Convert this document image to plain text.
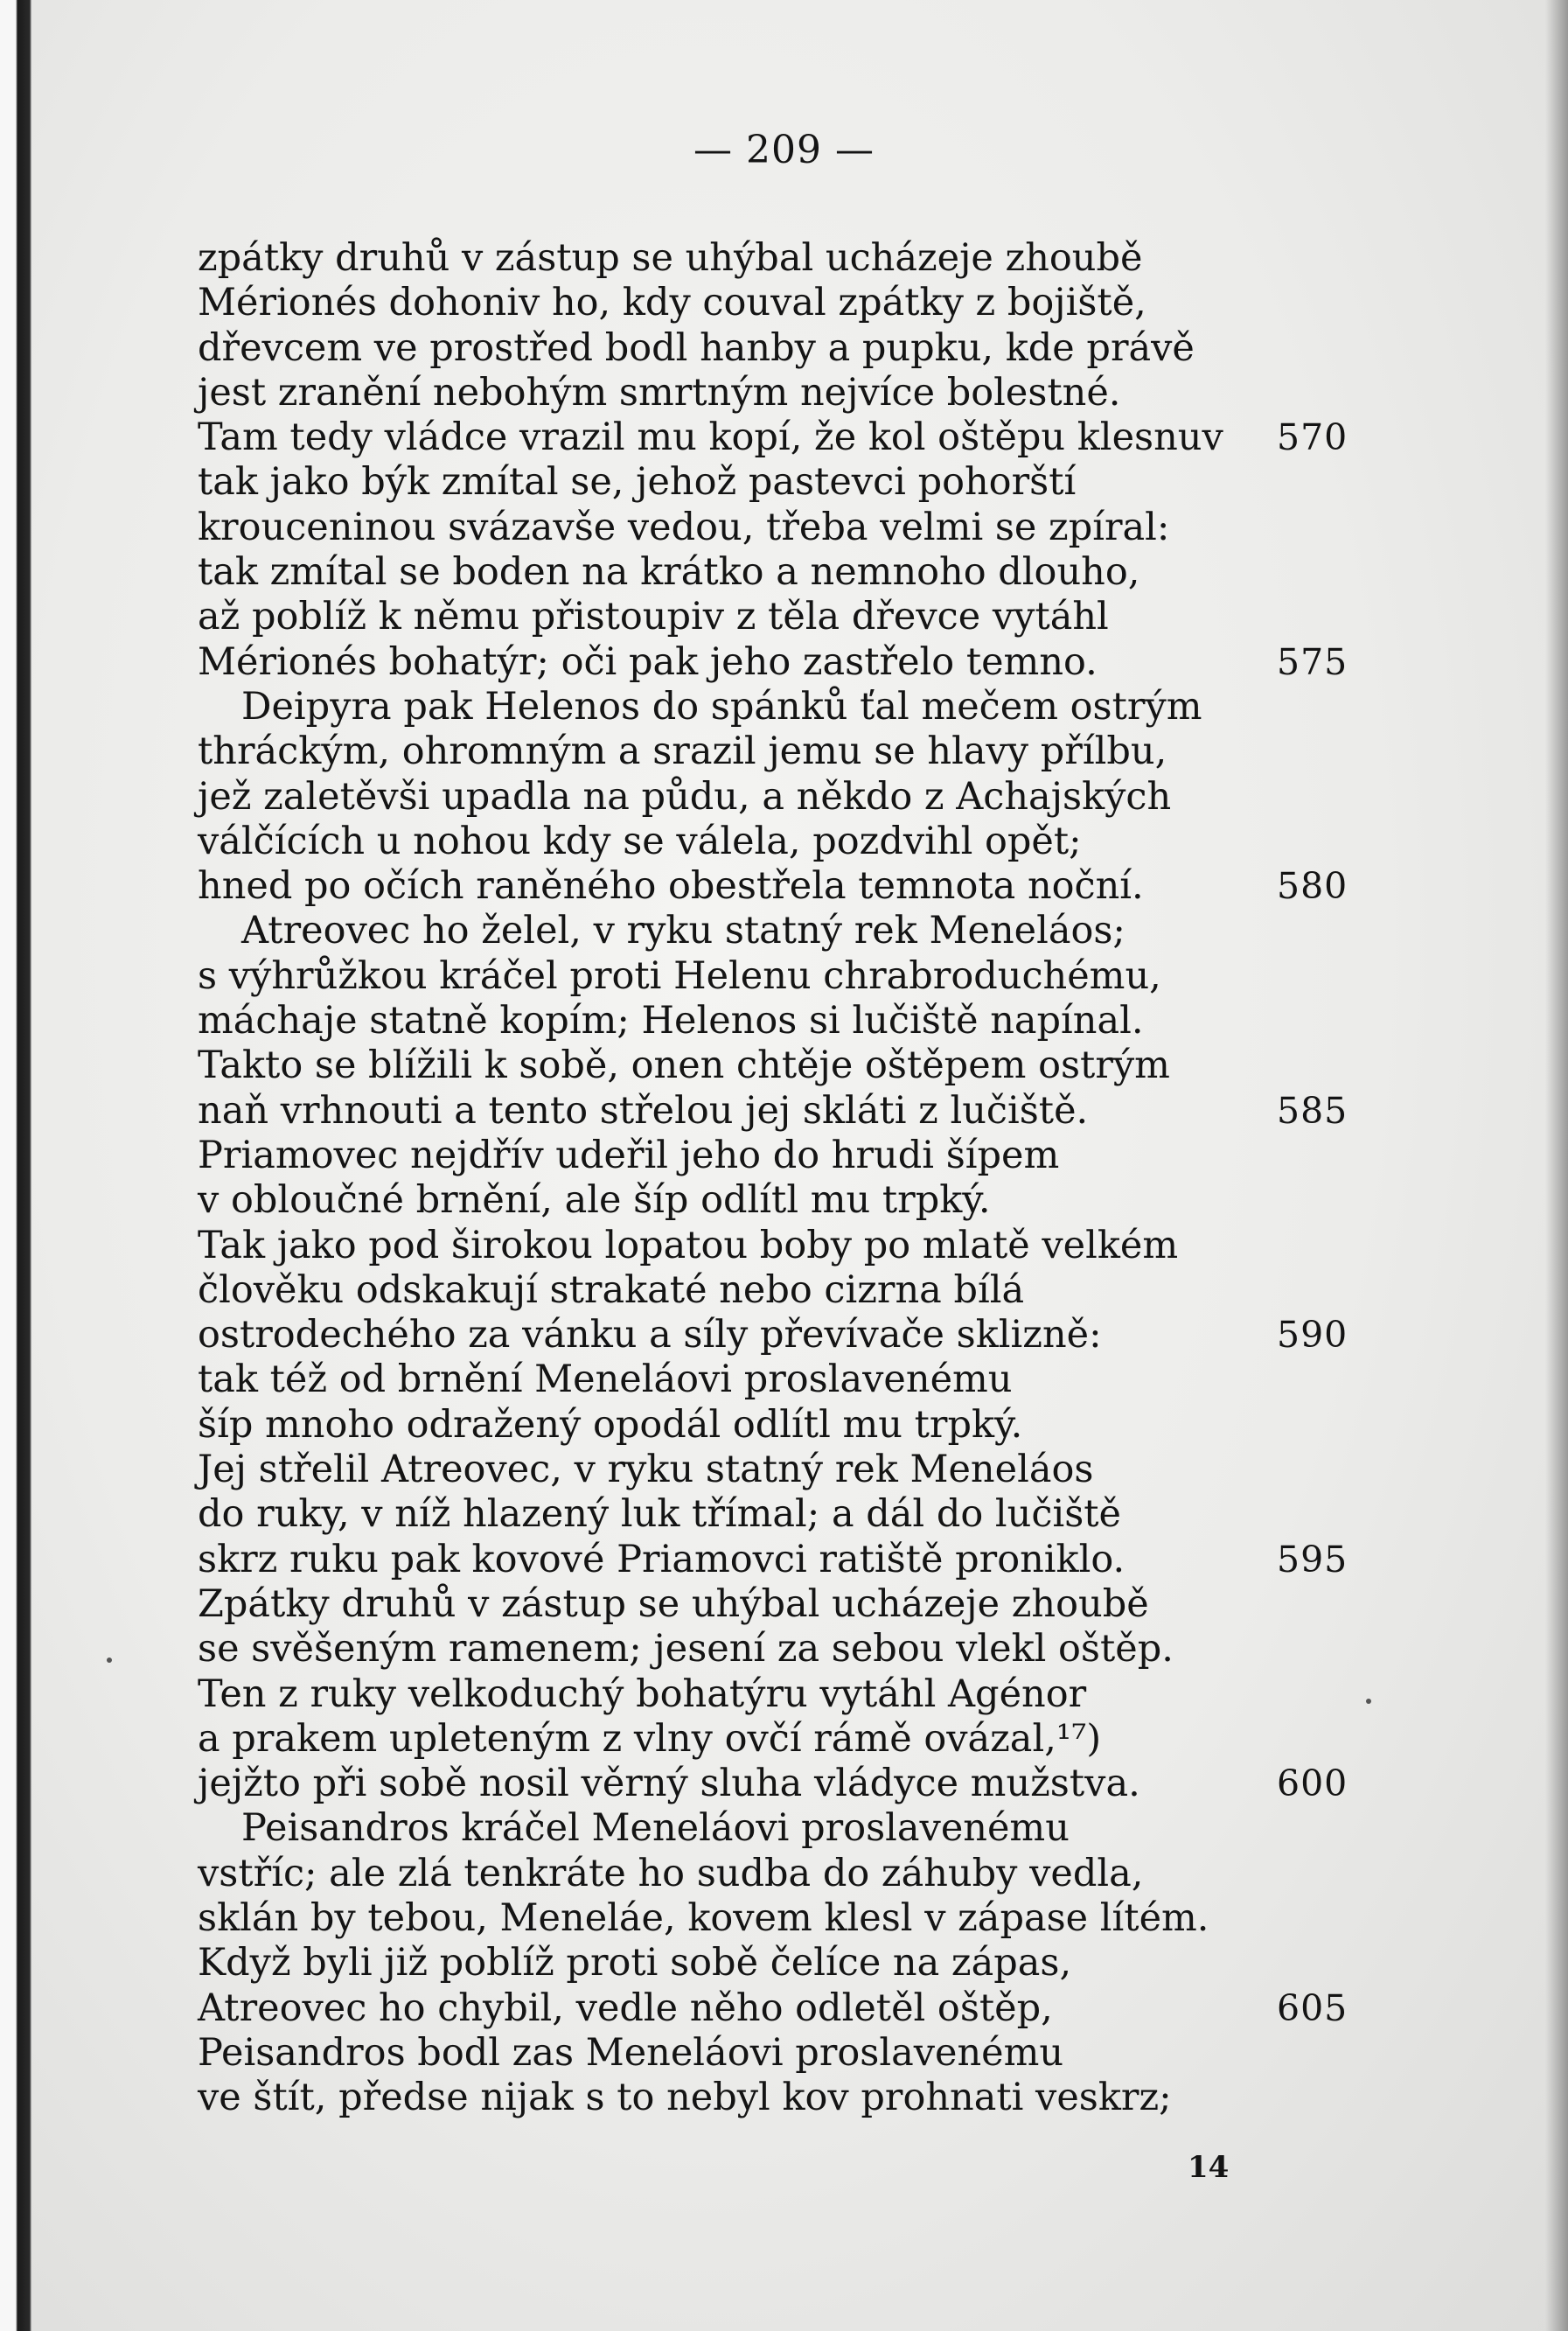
— 209 —
zpátky druhů v zástup se uhýbal ucházeje zhoubě
Mérionés dohoniv ho, kdy couval zpátky z bojiště,
dřevcem ve prostřed bodl hanby a pupku, kde právě
jest zranění nebohým smrtným nejvíce bolestné.
Tam tedy vládce vrazil mu kopí, že kol oštěpu klesnuv 570
tak jako býk zmítal se, jehož pastevci pohorští
krouceninou svázavše vedou, třeba velmi se zpíral:
tak zmítal se boden na krátko a nemnoho dlouho,
až poblíž k němu přistoupiv z těla dřevce vytáhl
Mérionés bohatýr; oči pak jeho zastřelo temno.	575
Deipyra pak Helenos do spánků ťal mečem ostrým
thráckým, ohromným a srazil jemu se hlavy přílbu,
jež zaletěvši upadla na půdu, a někdo z Achajských
válčících u nohou kdy se válela, pozdvihl opět;
hned po očích raněného obestřela temnota noční.	580
Atreovec ho želel, v ryku statný rek Meneláos;
s výhrůžkou kráčel proti Helenu chrabroduchému,
máchaje statně kopím; Helenos si lučiště napínal.
Takto se blížili k sobě, onen chtěje oštěpem ostrým
naň vrhnouti a tento střelou jej skláti z lučiště.	585
Priamovec nejdřív udeřil jeho do hrudi šípem
v obloučné brnění, ale šíp odlítl mu trpký.
Tak jako pod širokou lopatou boby po mlatě velkém
člověku odskakují strakaté nebo cizrna bílá
ostrodechého za vánku a síly převívače sklizně:	590
tak též od brnění Meneláovi proslavenému
šíp mnoho odražený opodál odlítl mu trpký.
Jej střelil Atreovec, v ryku statný rek Meneláos
do ruky, v níž hlazený luk třímal; a dál do lučiště
skrz ruku pak kovové Priamovci ratiště proniklo.	595
Zpátky druhů v zástup se uhýbal ucházeje zhoubě
se svěšeným ramenem; jesení za sebou vlekl oštěp.
Ten z ruky velkoduchý bohatýru vytáhl Agénor
a prakem upleteným z vlny ovčí rámě ovázal,¹⁷)
jejžto při sobě nosil věrný sluha vládyce mužstva.	600
Peisandros kráčel Meneláovi proslavenému
vstříc; ale zlá tenkráte ho sudba do záhuby vedla,
sklán by tebou, Meneláe, kovem klesl v zápase lítém.
Když byli již poblíž proti sobě čelíce na zápas,
Atreovec ho chybil, vedle něho odletěl oštěp,	605
Peisandros bodl zas Meneláovi proslavenému
ve štít, předse nijak s to nebyl kov prohnati veskrz;
14
